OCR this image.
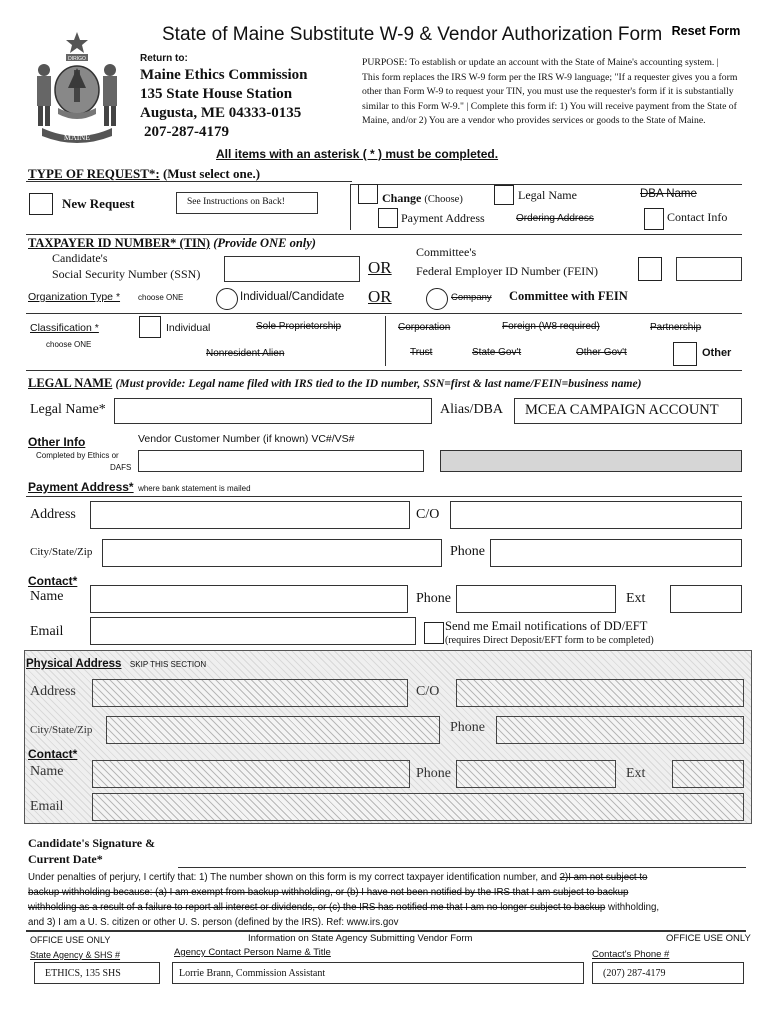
State of Maine Substitute W-9 & Vendor Authorization Form Reset Form
DIRIGO
MAINE
Return to:
Maine Ethics Commission
135 State House Station
Augusta, ME 04333-0135
207-287-4179
PURPOSE: To establish or update an account with the State of Maine's accounting system. | This form replaces the IRS W-9 form per the IRS W-9 language; "If a requester gives you a form other than Form W-9 to request your TIN, you must use the requester's form if it is substantially similar to this Form W-9." | Complete this form if: 1) You will receive payment from the State of Maine, and/or 2) You are a vendor who provides services or goods to the State of Maine.
All items with an asterisk ( * ) must be completed.
TYPE OF REQUEST*: (Must select one.)
New Request	See Instructions on Back!	Change (Choose)	Legal Name	DBA Name
Payment Address	Ordering Address	Contact Info
TAXPAYER ID NUMBER* (TIN) (Provide ONE only)
Candidate's
Social Security Number (SSN)	OR
Committee's
Federal Employer ID Number (FEIN)
Organization Type * choose ONE	Individual/Candidate OR	Company Committee with FEIN
Classification *
choose ONE
Individual	Sole Proprietorship
Nonresident Alien
Corporation	Foreign (W8 required)	Partnership
Trust	State Gov't	Other Gov't	Other
LEGAL NAME (Must provide: Legal name filed with IRS tied to the ID number, SSN=first & last name/FEIN=business name)
Legal Name*	Alias/DBA	MCEA CAMPAIGN ACCOUNT
Other Info	Vendor Customer Number (if known) VC#/VS#
Completed by Ethics or
DAFS
Payment Address* where bank statement is mailed
Address	C/O
City/State/Zip	Phone
Contact*
Name	Phone	Ext
Email	Send me Email notifications of DD/EFT
(requires Direct Deposit/EFT form to be completed)
Physical Address SKIP THIS SECTION
Address	C/O
City/State/Zip	Phone
Contact*
Name	Phone	Ext
Email
Candidate's Signature &
Current Date*
Under penalties of perjury, I certify that: 1) The number shown on this form is my correct taxpayer identification number, and 2)I am not subject to
backup withholding because: (a) I am exempt from backup withholding, or (b) I have not been notified by the IRS that I am subject to backup
withholding as a result of a failure to report all interest or dividends, or (c) the IRS has notified me that I am no longer subject to backup withholding,
and 3) I am a U. S. citizen or other U. S. person (defined by the IRS). Ref: www.irs.gov
OFFICE USE ONLY	Information on State Agency Submitting Vendor Form	OFFICE USE ONLY
State Agency & SHS #	Agency Contact Person Name & Title	Contact's Phone #
ETHICS, 135 SHS	Lorrie Brann, Commission Assistant	(207) 287-4179
